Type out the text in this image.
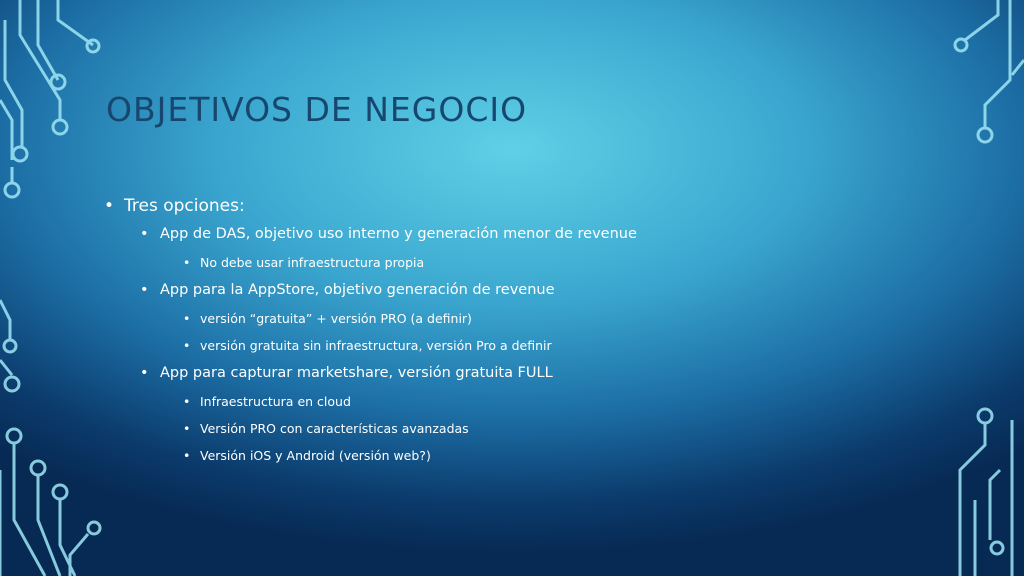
OBJETIVOS DE NEGOCIO
• Tres opciones:
• App de DAS, objetivo uso interno y generación menor de revenue
• No debe usar infraestructura propia
• App para la AppStore, objetivo generación de revenue
• versión “gratuita” + versión PRO (a definir)
• versión gratuita sin infraestructura, versión Pro a definir
• App para capturar marketshare, versión gratuita FULL
• Infraestructura en cloud
• Versión PRO con características avanzadas
• Versión iOS y Android (versión web?)
